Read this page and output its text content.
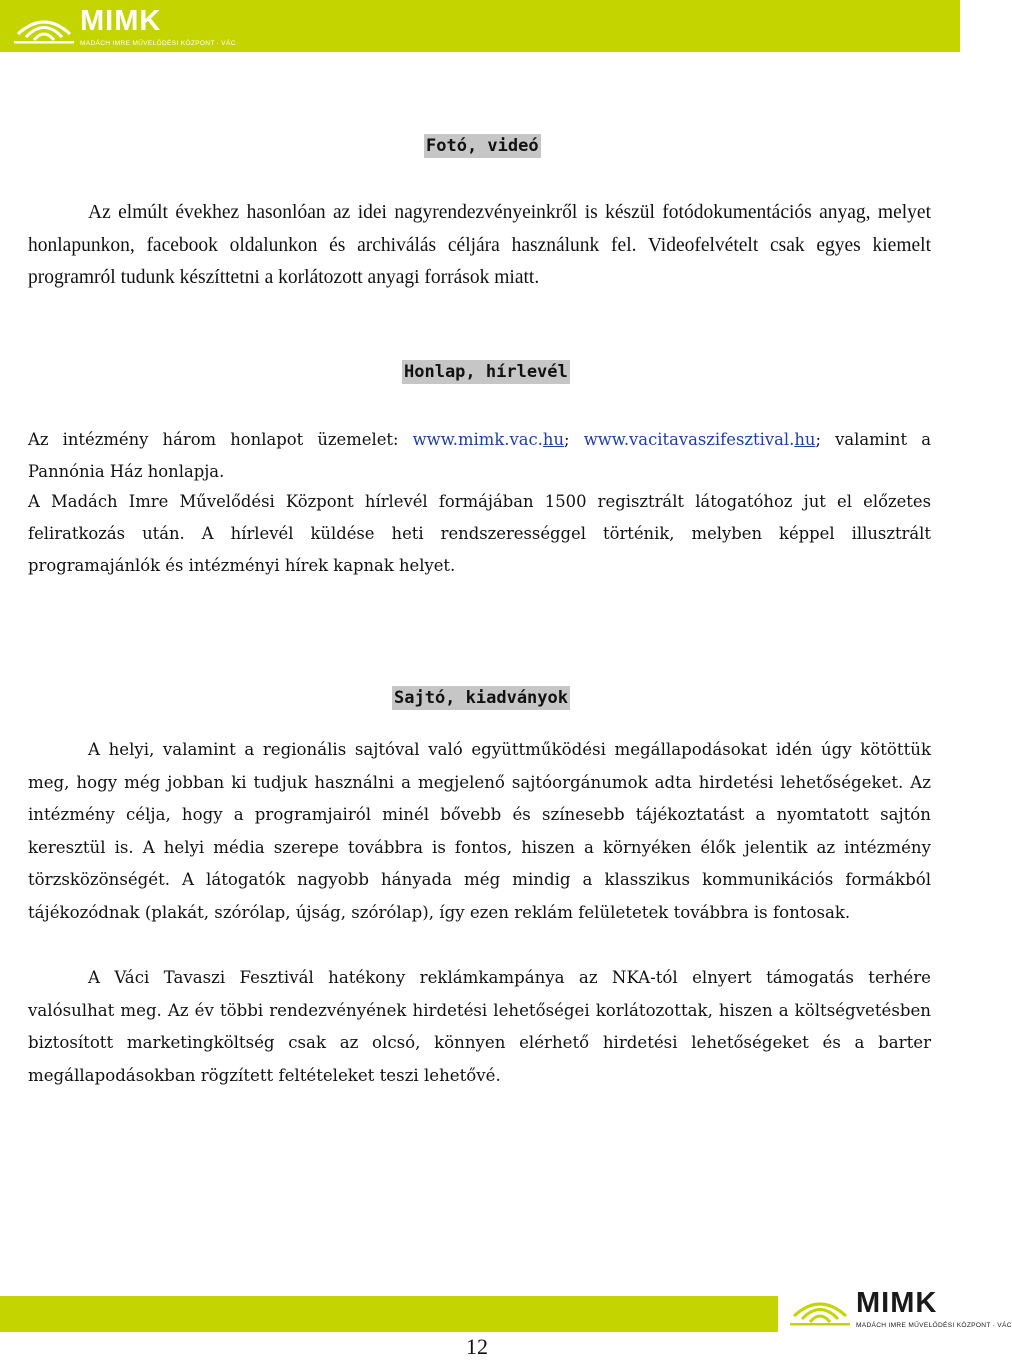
MIMK
MADÁCH IMRE MŰVELŐDÉSI KÖZPONT · VÁC
Fotó, videó
Az elmúlt évekhez hasonlóan az idei nagyrendezvényeinkről is készül fotódokumentációs anyag, melyet honlapunkon, facebook oldalunkon és archiválás céljára használunk fel. Videofelvételt csak egyes kiemelt programról tudunk készíttetni a korlátozott anyagi források miatt.
Honlap, hírlevél
Az intézmény három honlapot üzemelet: www.mimk.vac.hu; www.vacitavaszifesztival.hu; valamint a Pannónia Ház honlapja.
A Madách Imre Művelődési Központ hírlevél formájában 1500 regisztrált látogatóhoz jut el előzetes feliratkozás után. A hírlevél küldése heti rendszerességgel történik, melyben képpel illusztrált programajánlók és intézményi hírek kapnak helyet.
Sajtó, kiadványok
A helyi, valamint a regionális sajtóval való együttműködési megállapodásokat idén úgy kötöttük meg, hogy még jobban ki tudjuk használni a megjelenő sajtóorgánumok adta hirdetési lehetőségeket. Az intézmény célja, hogy a programjairól minél bővebb és színesebb tájékoztatást a nyomtatott sajtón keresztül is. A helyi média szerepe továbbra is fontos, hiszen a környéken élők jelentik az intézmény törzsközönségét. A látogatók nagyobb hányada még mindig a klasszikus kommunikációs formákból tájékozódnak (plakát, szórólap, újság, szórólap), így ezen reklám felületetek továbbra is fontosak.
A Váci Tavaszi Fesztivál hatékony reklámkampánya az NKA-tól elnyert támogatás terhére valósulhat meg. Az év többi rendezvényének hirdetési lehetőségei korlátozottak, hiszen a költségvetésben biztosított marketingköltség csak az olcsó, könnyen elérhető hirdetési lehetőségeket és a barter megállapodásokban rögzített feltételeket teszi lehetővé.
MIMK
MADÁCH IMRE MŰVELŐDÉSI KÖZPONT · VÁC
12
